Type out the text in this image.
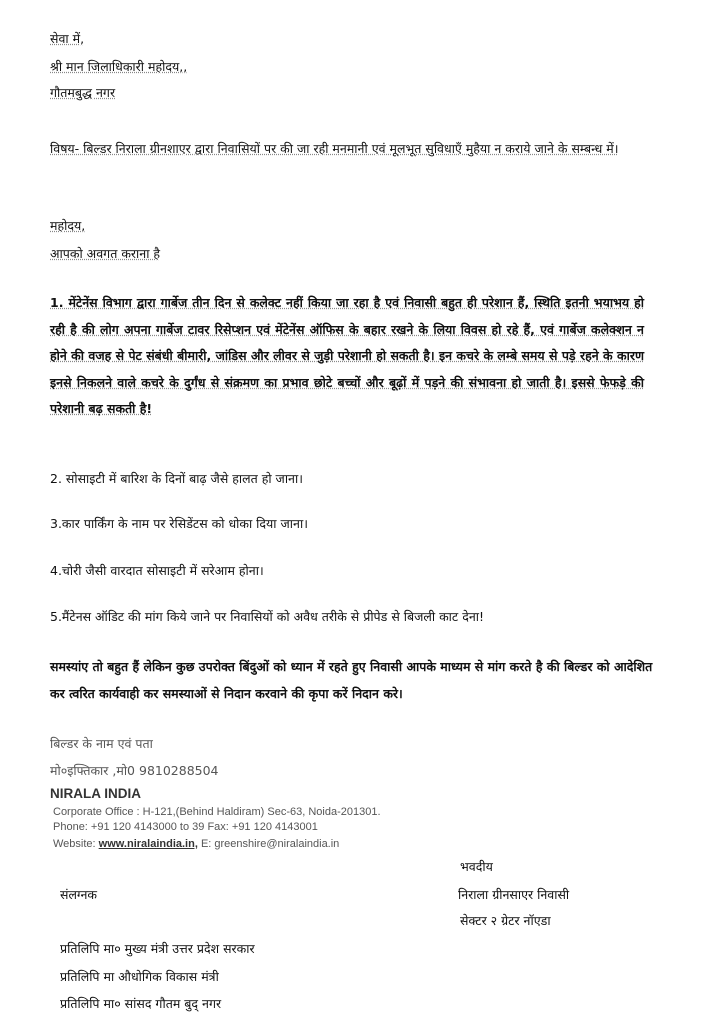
सेवा में,
श्री मान जिलाधिकारी महोदय,,
गौतमबुद्ध नगर
विषय- बिल्डर निराला ग्रीनशाएर द्वारा निवासियों पर की जा रही मनमानी एवं मूलभूत सुविधाएँ मुहैया न कराये जाने के सम्बन्ध में।
महोदय,
आपको अवगत कराना है
1. मेंटेनेंस विभाग द्वारा गार्बेज तीन दिन से कलेक्ट नहीं किया जा रहा है एवं निवासी बहुत ही परेशान हैं, स्थिति इतनी भयाभय हो रही है की लोग अपना गार्बेज टावर रिसेप्शन एवं मेंटेनेंस ऑफिस के बहार रखने के लिया विवस हो रहे हैं, एवं गार्बेज कलेक्शन न होने की वजह से पेट संबंधी बीमारी, जांडिस और लीवर से जुड़ी परेशानी हो सकती है। इन कचरे के लम्बे समय से पड़े रहने के कारण इनसे निकलने वाले कचरे के दुर्गंध से संक्रमण का प्रभाव छोटे बच्चों और बूढ़ों में पड़ने की संभावना हो जाती है। इससे फेफड़े की परेशानी बढ़ सकती है!
2. सोसाइटी में बारिश के दिनों बाढ़ जैसे हालत हो जाना।
3.कार पार्किंग के नाम पर रेसिडेंटस को धोका दिया जाना।
4.चोरी जैसी वारदात सोसाइटी में सरेआम होना।
5.मैंटेनस ऑडिट की मांग किये जाने पर निवासियों को अवैध तरीके से प्रीपेड से बिजली काट देना!
समस्यांए तो बहुत हैं लेकिन कुछ उपरोक्त बिंदुओं को ध्यान में रहते हुए निवासी आपके माध्यम से मांग करते है की बिल्डर को आदेशित कर त्वरित कार्यवाही कर समस्याओं से निदान करवाने की कृपा करें निदान करे।
बिल्डर के नाम एवं पता
मो०इफ्तिकार ,मो0 9810288504
NIRALA INDIA
Corporate Office : H-121,(Behind Haldiram) Sec-63, Noida-201301.
Phone: +91 120 4143000 to 39 Fax: +91 120 4143001
Website: www.niralaindia.in, E: greenshire@niralaindia.in
भवदीय
संलग्नक	निराला ग्रीनसाएर निवासी
सेक्टर २ ग्रेटर नॉएडा
प्रतिलिपि मा० मुख्य मंत्री उत्तर प्रदेश सरकार
प्रतिलिपि मा औधोगिक विकास मंत्री
प्रतिलिपि मा० सांसद गौतम बुद् नगर
